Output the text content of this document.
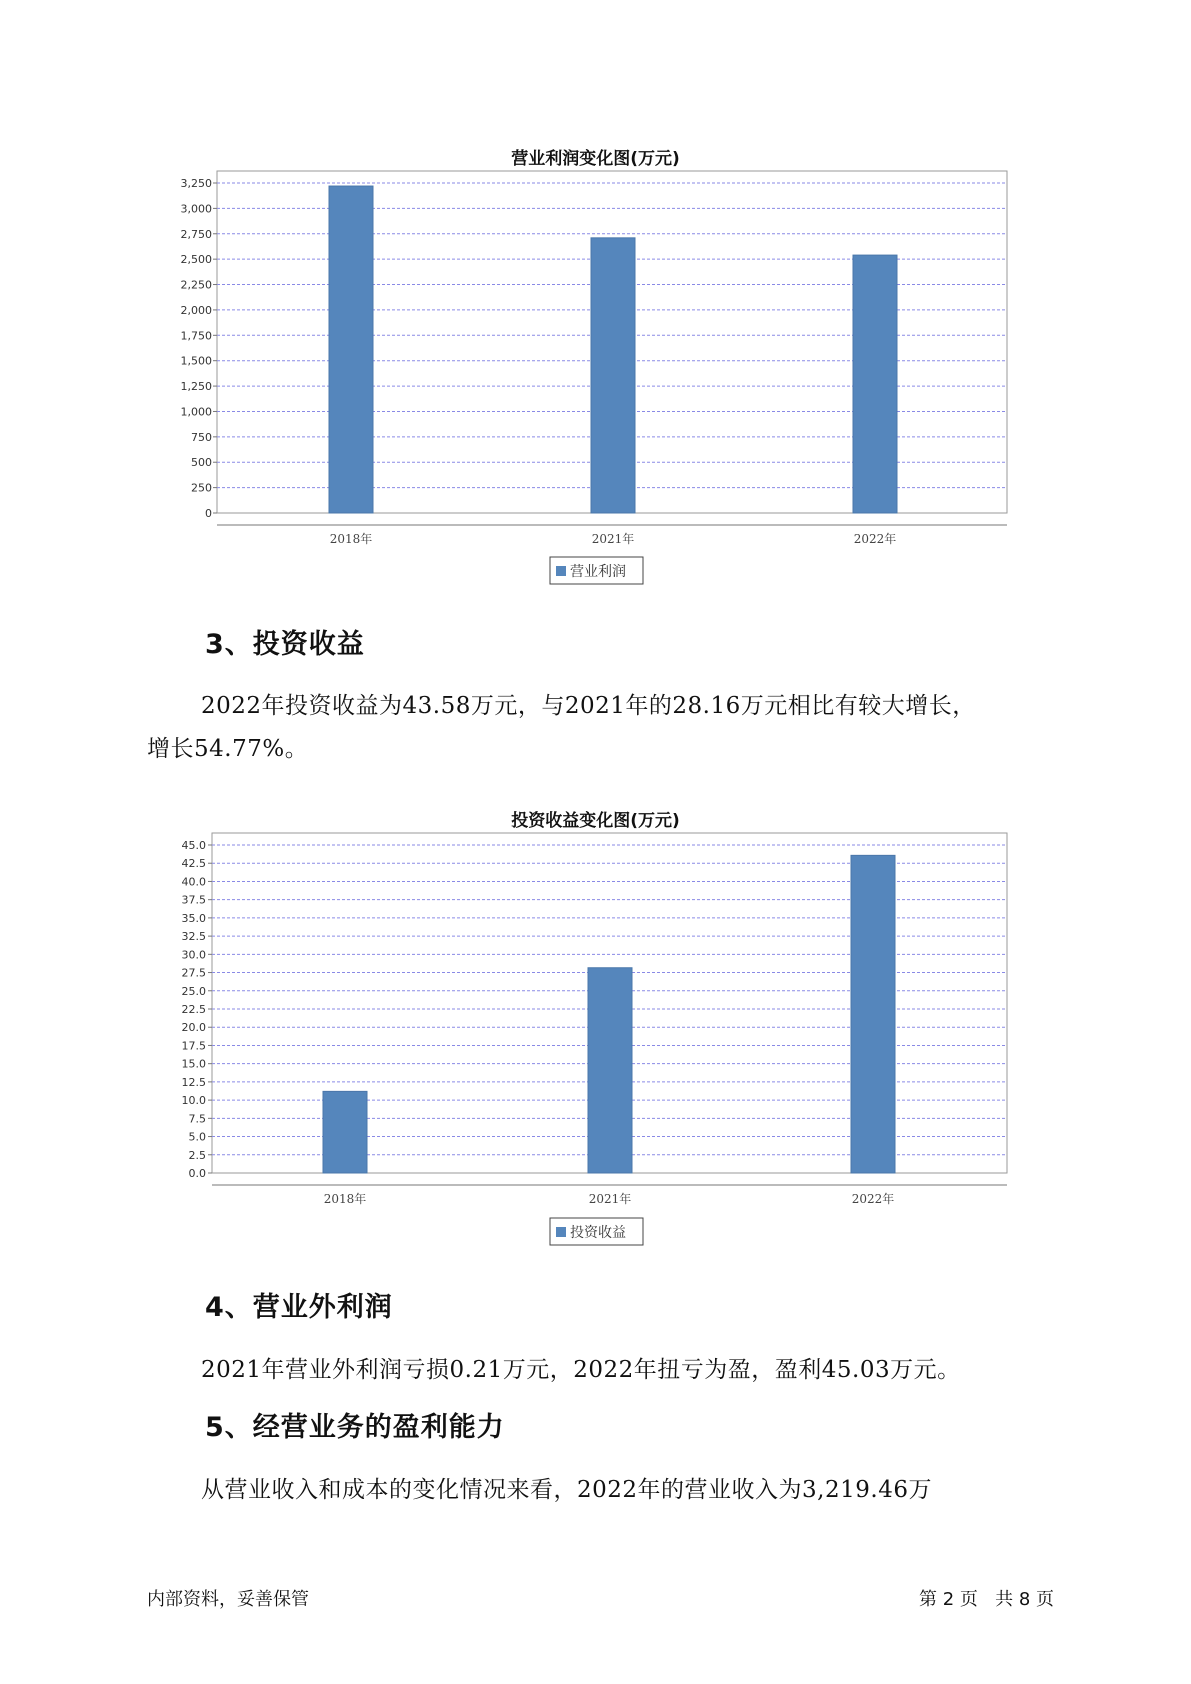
营业利润变化图(万元)
0
250
500
750
1,000
1,250
1,500
1,750
2,000
2,250
2,500
2,750
3,000
3,250
2018年	2021年	2022年
营业利润
3、投资收益
2022年投资收益为43.58万元，与2021年的28.16万元相比有较大增长，
增长54.77%。
投资收益变化图(万元)
0.0
2.5
5.0
7.5
10.0
12.5
15.0
17.5
20.0
22.5
25.0
27.5
30.0
32.5
35.0
37.5
40.0
42.5
45.0
2018年	2021年	2022年
投资收益
4、营业外利润
2021年营业外利润亏损0.21万元，2022年扭亏为盈，盈利45.03万元。
5、经营业务的盈利能力
从营业收入和成本的变化情况来看，2022年的营业收入为3,219.46万
内部资料，妥善保管	第 2 页   共 8 页
